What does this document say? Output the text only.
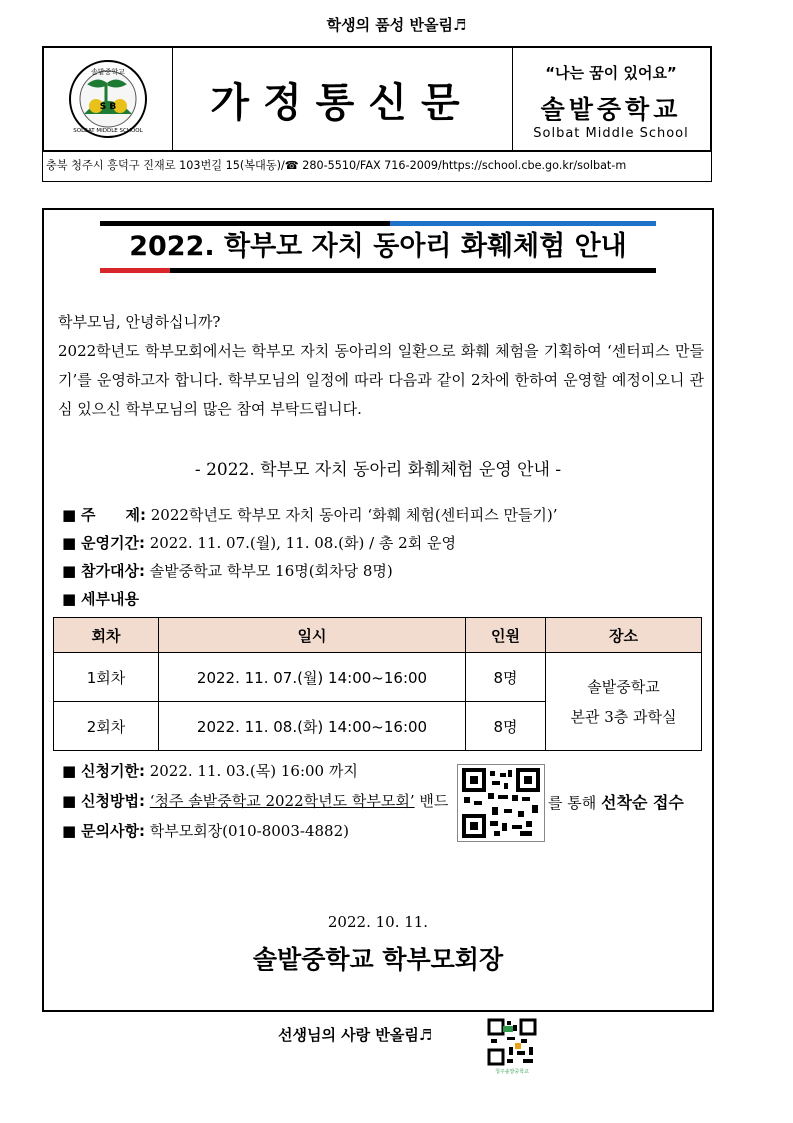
학생의 품성 반올림♬
S B
솔밭중학교
SOLBAT MIDDLE SCHOOL
가정통신문
“나는 꿈이 있어요”
솔밭중학교
Solbat Middle School
충북 청주시 흥덕구 진재로 103번길 15(복대동)/☎ 280-5510/FAX 716-2009/https://school.cbe.go.kr/solbat-m
2022. 학부모 자치 동아리 화훼체험 안내

학부모님, 안녕하십니까?

2022학년도 학부모회에서는 학부모 자치 동아리의 일환으로 화훼 체험을 기획하여 ‘센터피스 만들기’를 운영하고자 합니다. 학부모님의 일정에 따라 다음과 같이 2차에 한하여 운영할 예정이오니 관심 있으신 학부모님의 많은 참여 부탁드립니다.

- 2022. 학부모 자치 동아리 화훼체험 운영 안내 -
■ 주　　제: 2022학년도 학부모 자치 동아리 ‘화훼 체험(센터피스 만들기)’
■ 운영기간: 2022. 11. 07.(월), 11. 08.(화) / 총 2회 운영
■ 참가대상: 솔밭중학교 학부모 16명(회차당 8명)
■ 세부내용
회차	일시	인원	장소
1회차	2022. 11. 07.(월) 14:00~16:00	8명	솔밭중학교
본관 3층 과학실

2회차	2022. 11. 08.(화) 14:00~16:00	8명	
■ 신청기한: 2022. 11. 03.(목) 16:00 까지
■ 신청방법: ‘청주 솔밭중학교 2022학년도 학부모회’ 밴드	를 통해 선착순 접수
■ 문의사항: 학부모회장(010-8003-4882)
2022. 10. 11.
솔밭중학교 학부모회장
선생님의 사랑 반올림♬
청주솔밭중학교
